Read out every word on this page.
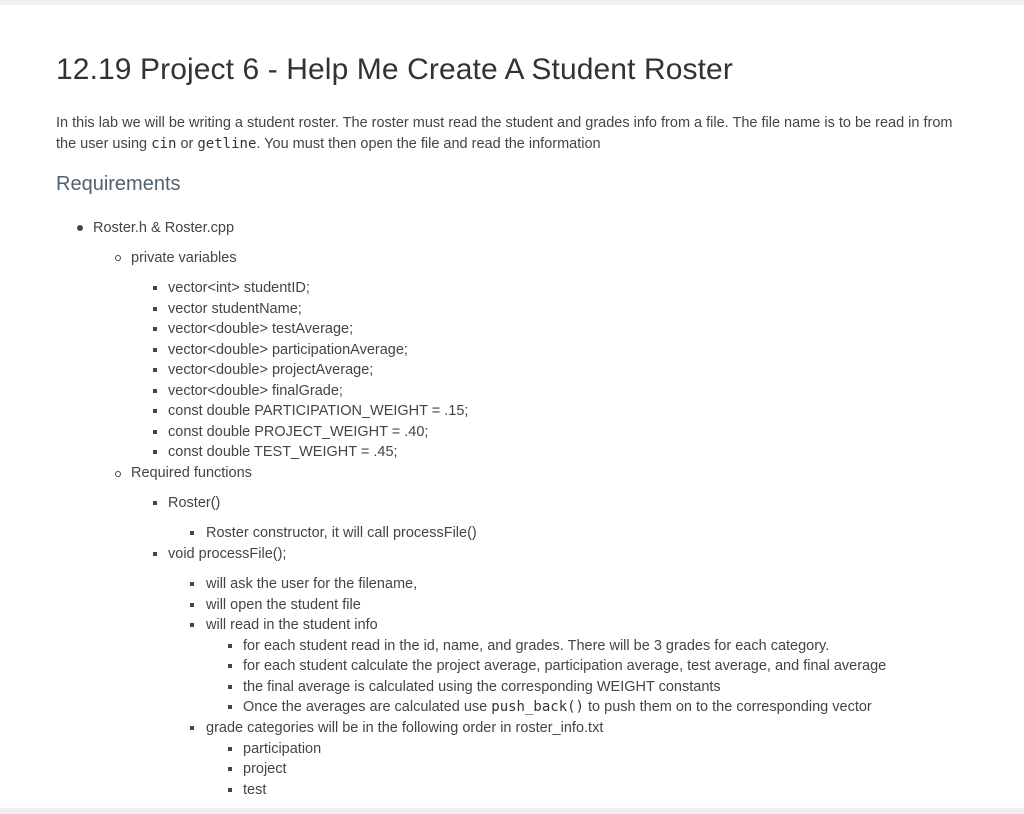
12.19 Project 6 - Help Me Create A Student Roster

In this lab we will be writing a student roster. The roster must read the student and grades info from a file. The file name is to be read in from the user using cin or getline. You must then open the file and read the information

Requirements
Roster.h & Roster.cpp
private variables
vector<int> studentID;
vector studentName;
vector<double> testAverage;
vector<double> participationAverage;
vector<double> projectAverage;
vector<double> finalGrade;
const double PARTICIPATION_WEIGHT = .15;
const double PROJECT_WEIGHT = .40;
const double TEST_WEIGHT = .45;
Required functions
Roster()
Roster constructor, it will call processFile()
void processFile();
will ask the user for the filename,
will open the student file
will read in the student info
for each student read in the id, name, and grades. There will be 3 grades for each category.
for each student calculate the project average, participation average, test average, and final average
the final average is calculated using the corresponding WEIGHT constants
Once the averages are calculated use push_back() to push them on to the corresponding vector
grade categories will be in the following order in roster_info.txt
participation
project
test
